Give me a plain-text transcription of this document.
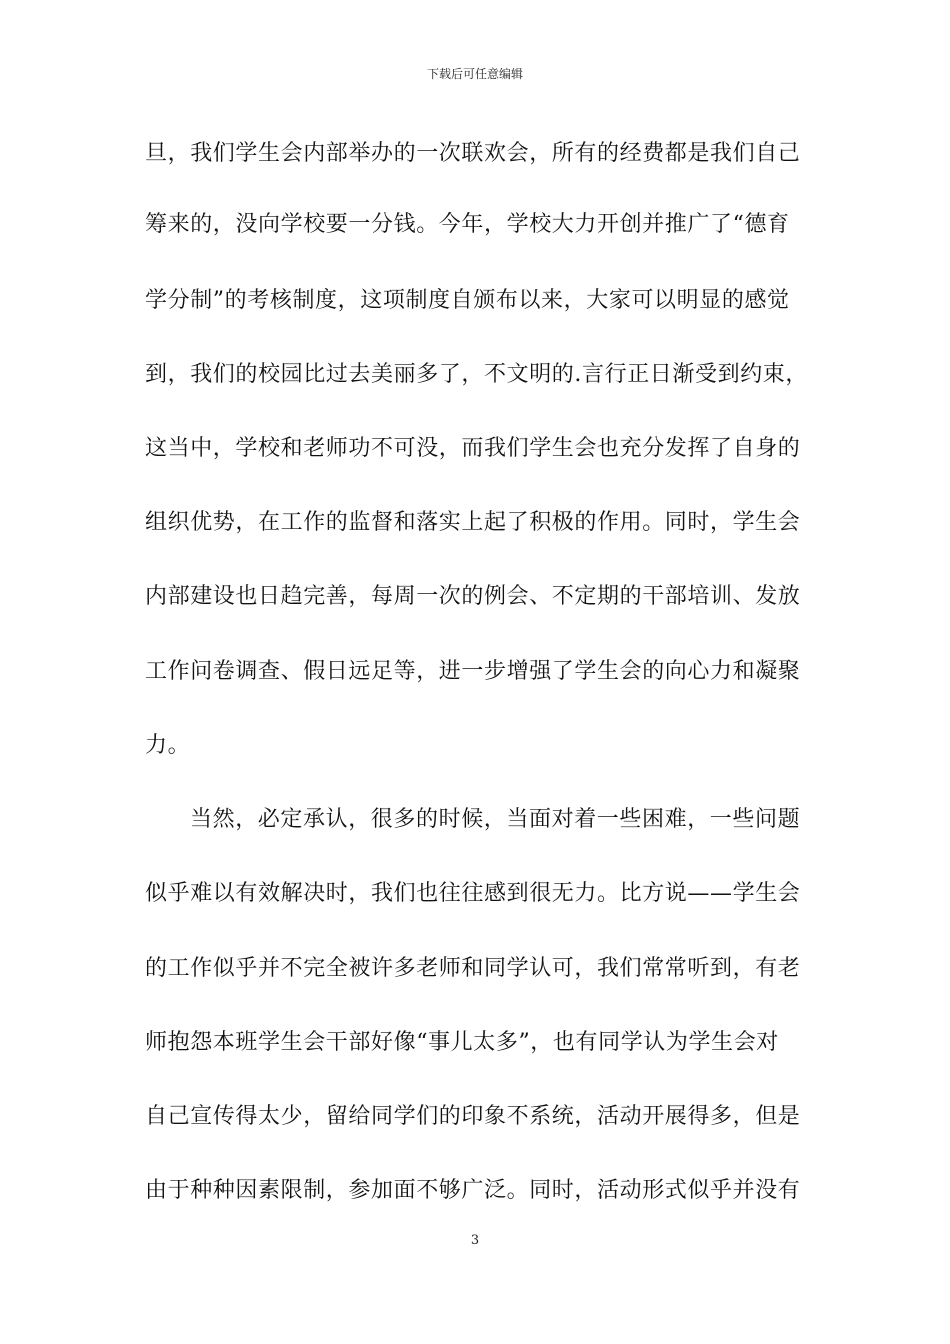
下载后可任意编辑
旦，我们学生会内部举办的一次联欢会，所有的经费都是我们自己
筹来的，没向学校要一分钱。今年，学校大力开创并推广了“德育
学分制”的考核制度，这项制度自颁布以来，大家可以明显的感觉
到，我们的校园比过去美丽多了，不文明的.言行正日渐受到约束，
这当中，学校和老师功不可没，而我们学生会也充分发挥了自身的
组织优势，在工作的监督和落实上起了积极的作用。同时，学生会
内部建设也日趋完善，每周一次的例会、不定期的干部培训、发放
工作问卷调查、假日远足等，进一步增强了学生会的向心力和凝聚
力。
当然，必定承认，很多的时候，当面对着一些困难，一些问题
似乎难以有效解决时，我们也往往感到很无力。比方说——学生会
的工作似乎并不完全被许多老师和同学认可，我们常常听到，有老
师抱怨本班学生会干部好像“事儿太多”，也有同学认为学生会对
自己宣传得太少，留给同学们的印象不系统，活动开展得多，但是
由于种种因素限制，参加面不够广泛。同时，活动形式似乎并没有
3
